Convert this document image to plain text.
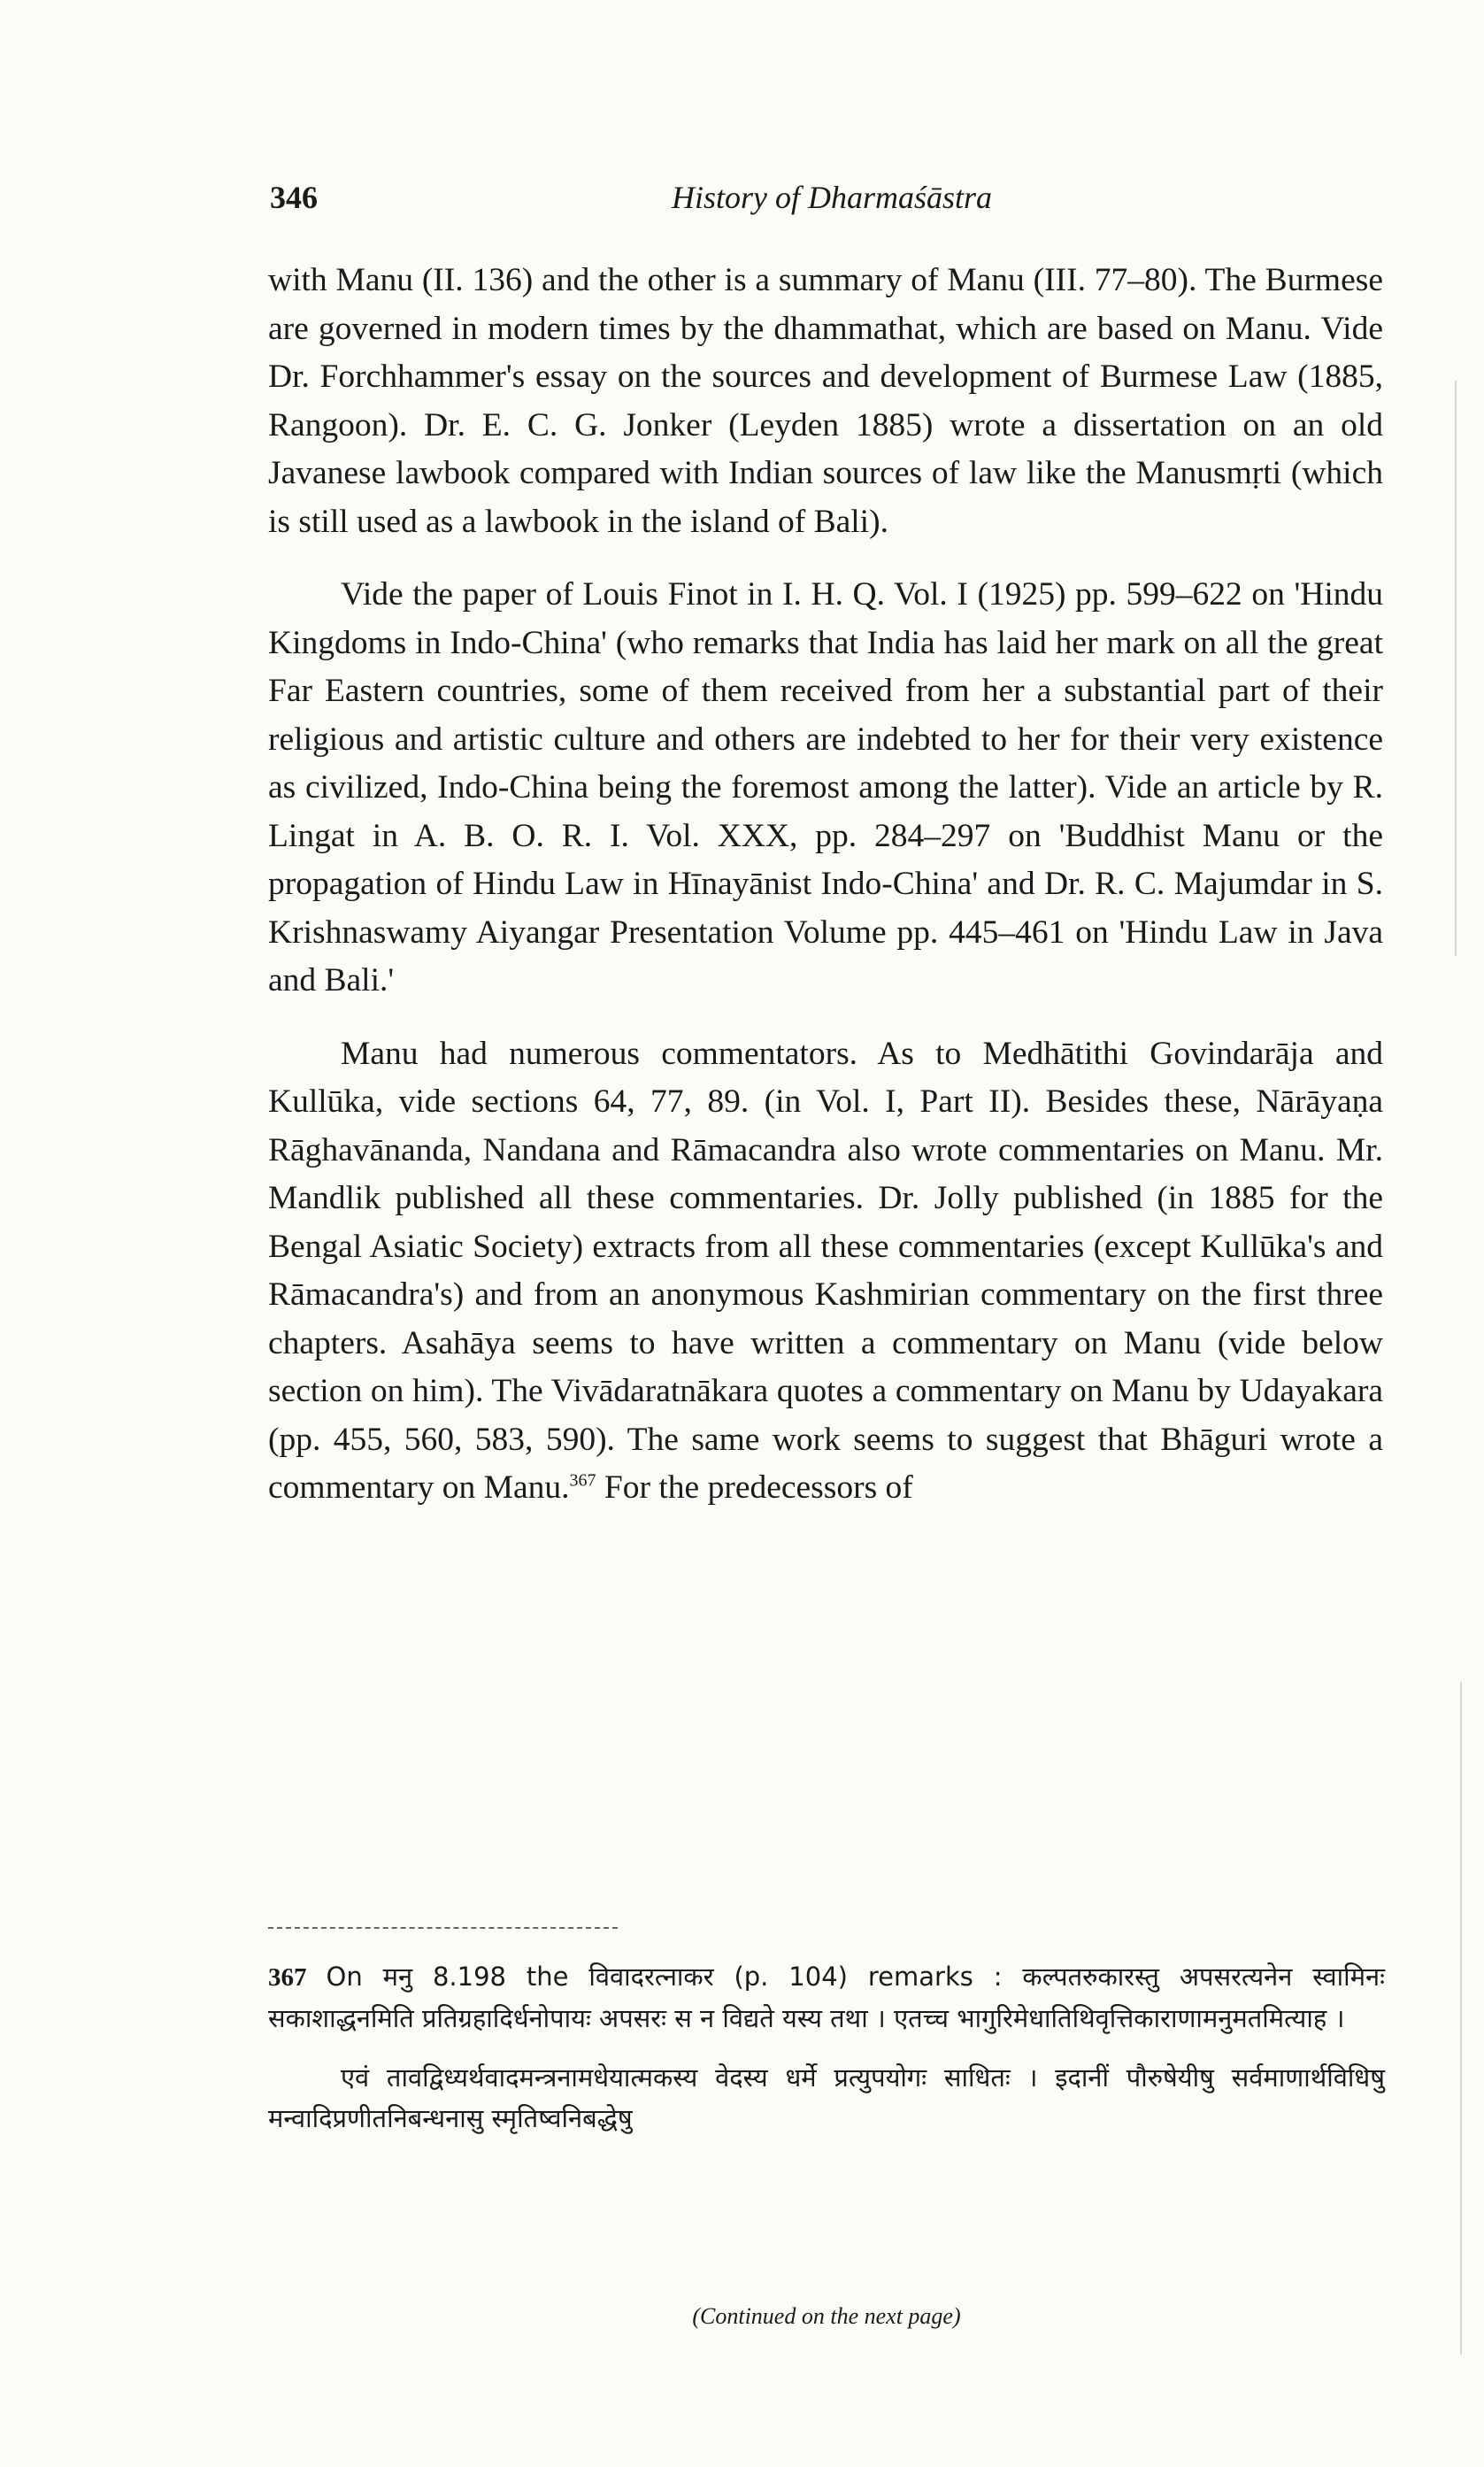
346	History of Dharmaśāstra

with Manu (II. 136) and the other is a summary of Manu (III. 77–80). The Burmese are governed in modern times by the dhammathat, which are based on Manu. Vide Dr. Forchhammer's essay on the sources and development of Burmese Law (1885, Rangoon). Dr. E. C. G. Jonker (Leyden 1885) wrote a dissertation on an old Javanese lawbook compared with Indian sources of law like the Manusmṛti (which is still used as a lawbook in the island of Bali).

Vide the paper of Louis Finot in I. H. Q. Vol. I (1925) pp. 599–622 on 'Hindu Kingdoms in Indo-China' (who remarks that India has laid her mark on all the great Far Eastern countries, some of them received from her a substantial part of their religious and artistic culture and others are indebted to her for their very existence as civilized, Indo-China being the foremost among the latter). Vide an article by R. Lingat in A. B. O. R. I. Vol. XXX, pp. 284–297 on 'Buddhist Manu or the propagation of Hindu Law in Hīnayānist Indo-China' and Dr. R. C. Majumdar in S. Krishnaswamy Aiyangar Presentation Volume pp. 445–461 on 'Hindu Law in Java and Bali.'

Manu had numerous commentators. As to Medhātithi Govindarāja and Kullūka, vide sections 64, 77, 89. (in Vol. I, Part II). Besides these, Nārāyaṇa Rāghavānanda, Nandana and Rāmacandra also wrote commentaries on Manu. Mr. Mandlik published all these commentaries. Dr. Jolly published (in 1885 for the Bengal Asiatic Society) extracts from all these commentaries (except Kullūka's and Rāmacandra's) and from an anonymous Kashmirian commentary on the first three chapters. Asahāya seems to have written a commentary on Manu (vide below section on him). The Vivādaratnākara quotes a commentary on Manu by Udayakara (pp. 455, 560, 583, 590). The same work seems to suggest that Bhāguri wrote a commentary on Manu.$^{367}$ For the predecessors of

367 On मनु 8.198 the विवादरत्नाकर (p. 104) remarks : कल्पतरुकारस्तु अपसरत्यनेन स्वामिनः सकाशाद्धनमिति प्रतिग्रहादिर्धनोपायः अपसरः स न विद्यते यस्य तथा । एतच्च भागुरिमेधातिथिवृत्तिकाराणामनुमतमित्याह ।

एवं तावद्विध्यर्थवादमन्त्रनामधेयात्मकस्य वेदस्य धर्मे प्रत्युपयोगः साधितः । इदानीं पौरुषेयीषु सर्वमाणार्थविधिषु मन्वादिप्रणीतनिबन्धनासु स्मृतिष्वनिबद्धेषु

(Continued on the next page)
